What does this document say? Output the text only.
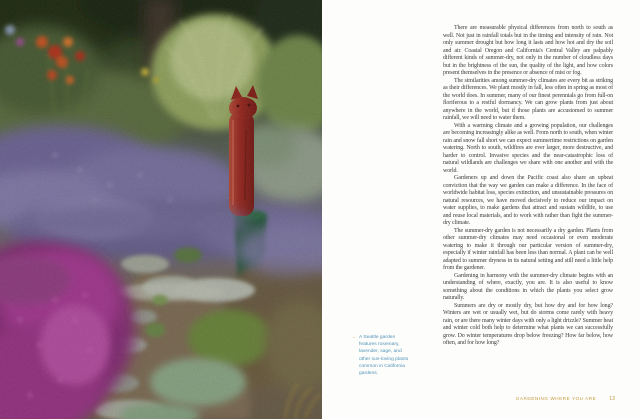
← A Seattle garden features rosemary, lavender, sage, and other sun-loving plants common in California gardens.

There are measurable physical differences from north to south as well. Not just in rainfall totals but in the timing and intensity of rain. Not only summer drought but how long it lasts and how hot and dry the soil and air. Coastal Oregon and California's Central Valley are palpably different kinds of summer-dry, not only in the number of cloudless days but in the brightness of the sun, the quality of the light, and how colors present themselves in the presence or absence of mist or fog.

The similarities among summer-dry climates are every bit as striking as their differences. We plant mostly in fall, less often in spring as most of the world does. In summer, many of our finest perennials go from full-on floriferous to a restful dormancy. We can grow plants from just about anywhere in the world, but if those plants are accustomed to summer rainfall, we will need to water them.

With a warming climate and a growing population, our challenges are becoming increasingly alike as well. From north to south, when winter rain and snow fall short we can expect summertime restrictions on garden watering. North to south, wildfires are ever larger, more destructive, and harder to control. Invasive species and the near-catastrophic loss of natural wildlands are challenges we share with one another and with the world.

Gardeners up and down the Pacific coast also share an upbeat conviction that the way we garden can make a difference. In the face of worldwide habitat loss, species extinction, and unsustainable pressures on natural resources, we have moved decisively to reduce our impact on water supplies, to make gardens that attract and sustain wildlife, to use and reuse local materials, and to work with rather than fight the summer-dry climate.

The summer-dry garden is not necessarily a dry garden. Plants from other summer-dry climates may need occasional or even moderate watering to make it through our particular version of summer-dry, especially if winter rainfall has been less than normal. A plant can be well adapted to summer dryness in its natural setting and still need a little help from the gardener.

Gardening in harmony with the summer-dry climate begins with an understanding of where, exactly, you are. It is also useful to know something about the conditions in which the plants you select grow naturally.

Summers are dry or mostly dry, but how dry and for how long? Winters are wet or usually wet, but do storms come rarely with heavy rain, or are there many winter days with only a light drizzle? Summer heat and winter cold both help to determine what plants we can successfully grow. Do winter temperatures drop below freezing? How far below, how often, and for how long?

GARDENING WHERE YOU ARE	13
